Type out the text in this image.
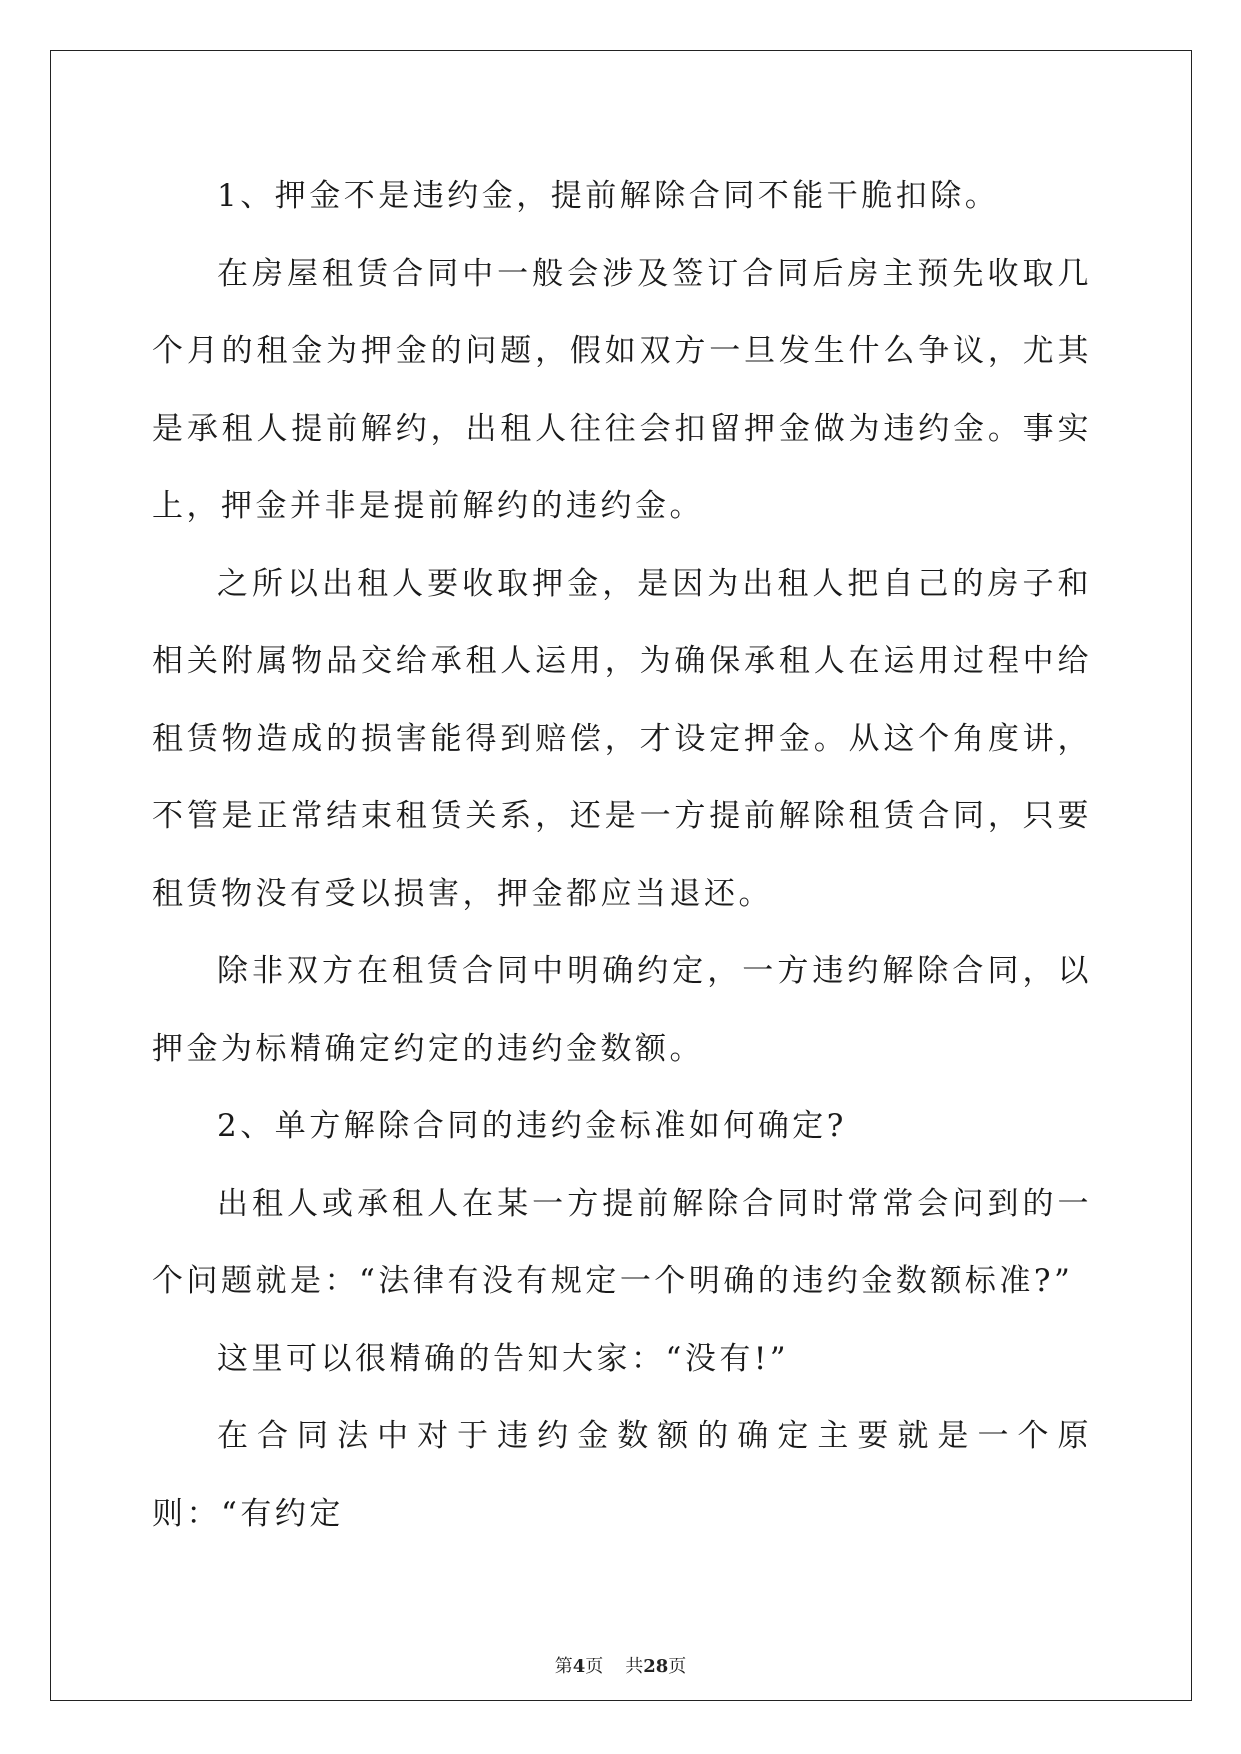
1、押金不是违约金，提前解除合同不能干脆扣除。

在房屋租赁合同中一般会涉及签订合同后房主预先收取几个月的租金为押金的问题，假如双方一旦发生什么争议，尤其是承租人提前解约，出租人往往会扣留押金做为违约金。事实上，押金并非是提前解约的违约金。

之所以出租人要收取押金，是因为出租人把自己的房子和相关附属物品交给承租人运用，为确保承租人在运用过程中给租赁物造成的损害能得到赔偿，才设定押金。从这个角度讲，不管是正常结束租赁关系，还是一方提前解除租赁合同，只要租赁物没有受以损害，押金都应当退还。

除非双方在租赁合同中明确约定，一方违约解除合同，以押金为标精确定约定的违约金数额。

2、单方解除合同的违约金标准如何确定?

出租人或承租人在某一方提前解除合同时常常会问到的一个问题就是：“法律有没有规定一个明确的违约金数额标准?”

这里可以很精确的告知大家：“没有!”

在合同法中对于违约金数额的确定主要就是一个原则：“有约定

第4页 共28页
